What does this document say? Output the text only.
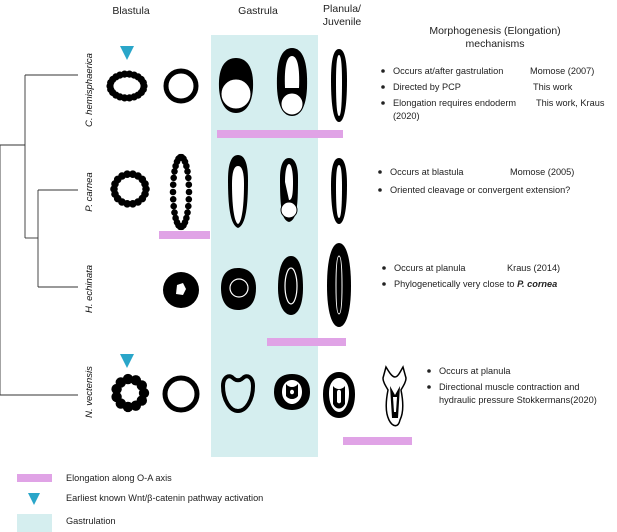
Blastula	Gastrula	Planula/
Juvenile
Morphogenesis (Elongation)
mechanisms
C. hemisphaerica
P. carnea
H. echinata
N. vectensis
Occurs at/after gastrulation	Momose (2007)
Directed by PCP	This work
Elongation requires endoderm This work, Kraus
(2020)
Occurs at blastula	Momose (2005)
Oriented cleavage or convergent extension?
Occurs at planula	Kraus (2014)
Phylogenetically very close to P. cornea
Occurs at planula
Directional muscle contraction and
hydraulic pressure Stokkermans(2020)
Elongation along O-A axis
Earliest known Wnt/β-catenin pathway activation
Gastrulation
